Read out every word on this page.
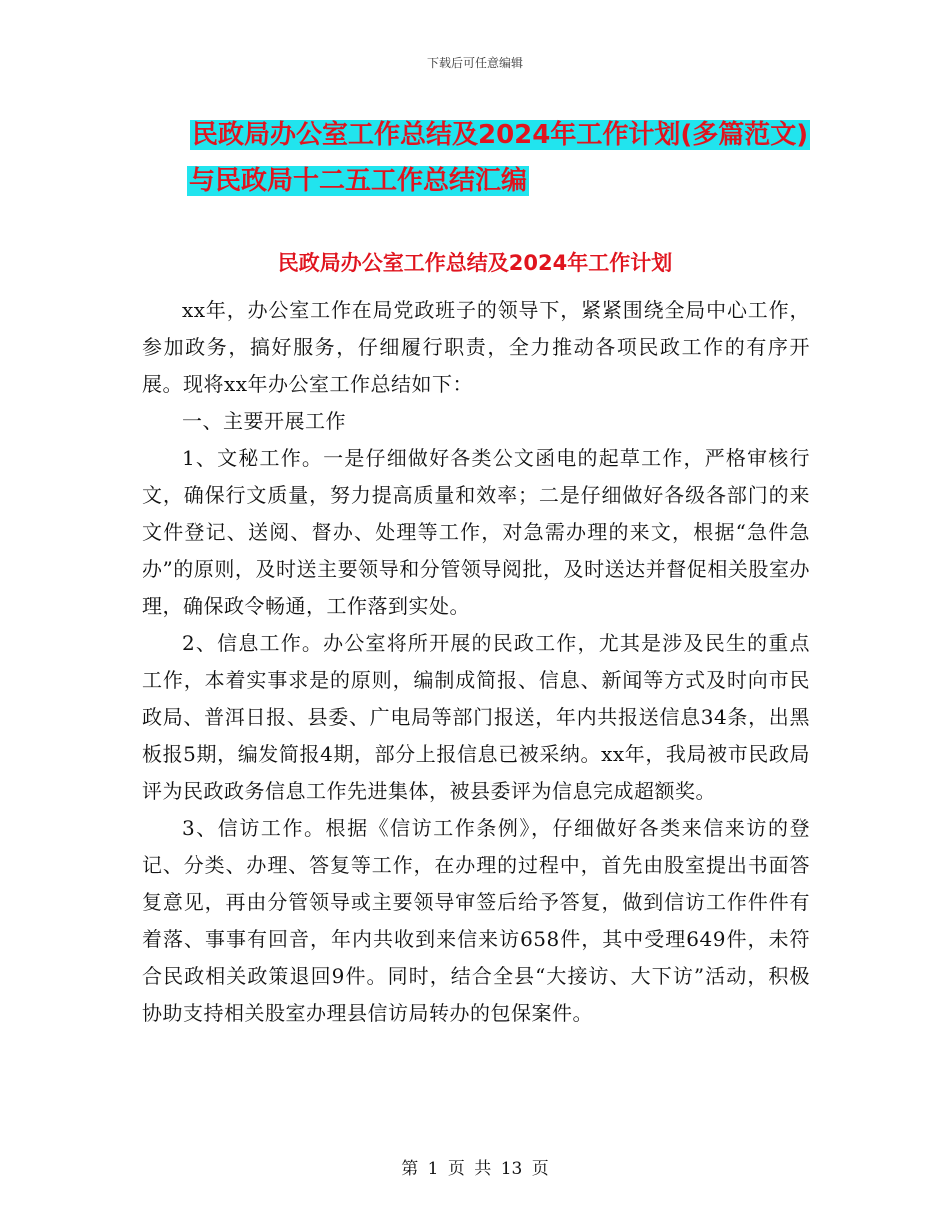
下载后可任意编辑
民政局办公室工作总结及2024年工作计划(多篇范文)
与民政局十二五工作总结汇编
民政局办公室工作总结及2024年工作计划

xx年，办公室工作在局党政班子的领导下，紧紧围绕全局中心工作，参加政务，搞好服务，仔细履行职责，全力推动各项民政工作的有序开展。现将xx年办公室工作总结如下：

一、主要开展工作

1、文秘工作。一是仔细做好各类公文函电的起草工作，严格审核行文，确保行文质量，努力提高质量和效率；二是仔细做好各级各部门的来文件登记、送阅、督办、处理等工作，对急需办理的来文，根据“急件急办”的原则，及时送主要领导和分管领导阅批，及时送达并督促相关股室办理，确保政令畅通，工作落到实处。

2、信息工作。办公室将所开展的民政工作，尤其是涉及民生的重点工作，本着实事求是的原则，编制成简报、信息、新闻等方式及时向市民政局、普洱日报、县委、广电局等部门报送，年内共报送信息34条，出黑板报5期，编发简报4期，部分上报信息已被采纳。xx年，我局被市民政局评为民政政务信息工作先进集体，被县委评为信息完成超额奖。

3、信访工作。根据《信访工作条例》，仔细做好各类来信来访的登记、分类、办理、答复等工作，在办理的过程中，首先由股室提出书面答复意见，再由分管领导或主要领导审签后给予答复，做到信访工作件件有着落、事事有回音，年内共收到来信来访658件，其中受理649件，未符合民政相关政策退回9件。同时，结合全县“大接访、大下访”活动，积极协助支持相关股室办理县信访局转办的包保案件。

第 1 页 共 13 页
